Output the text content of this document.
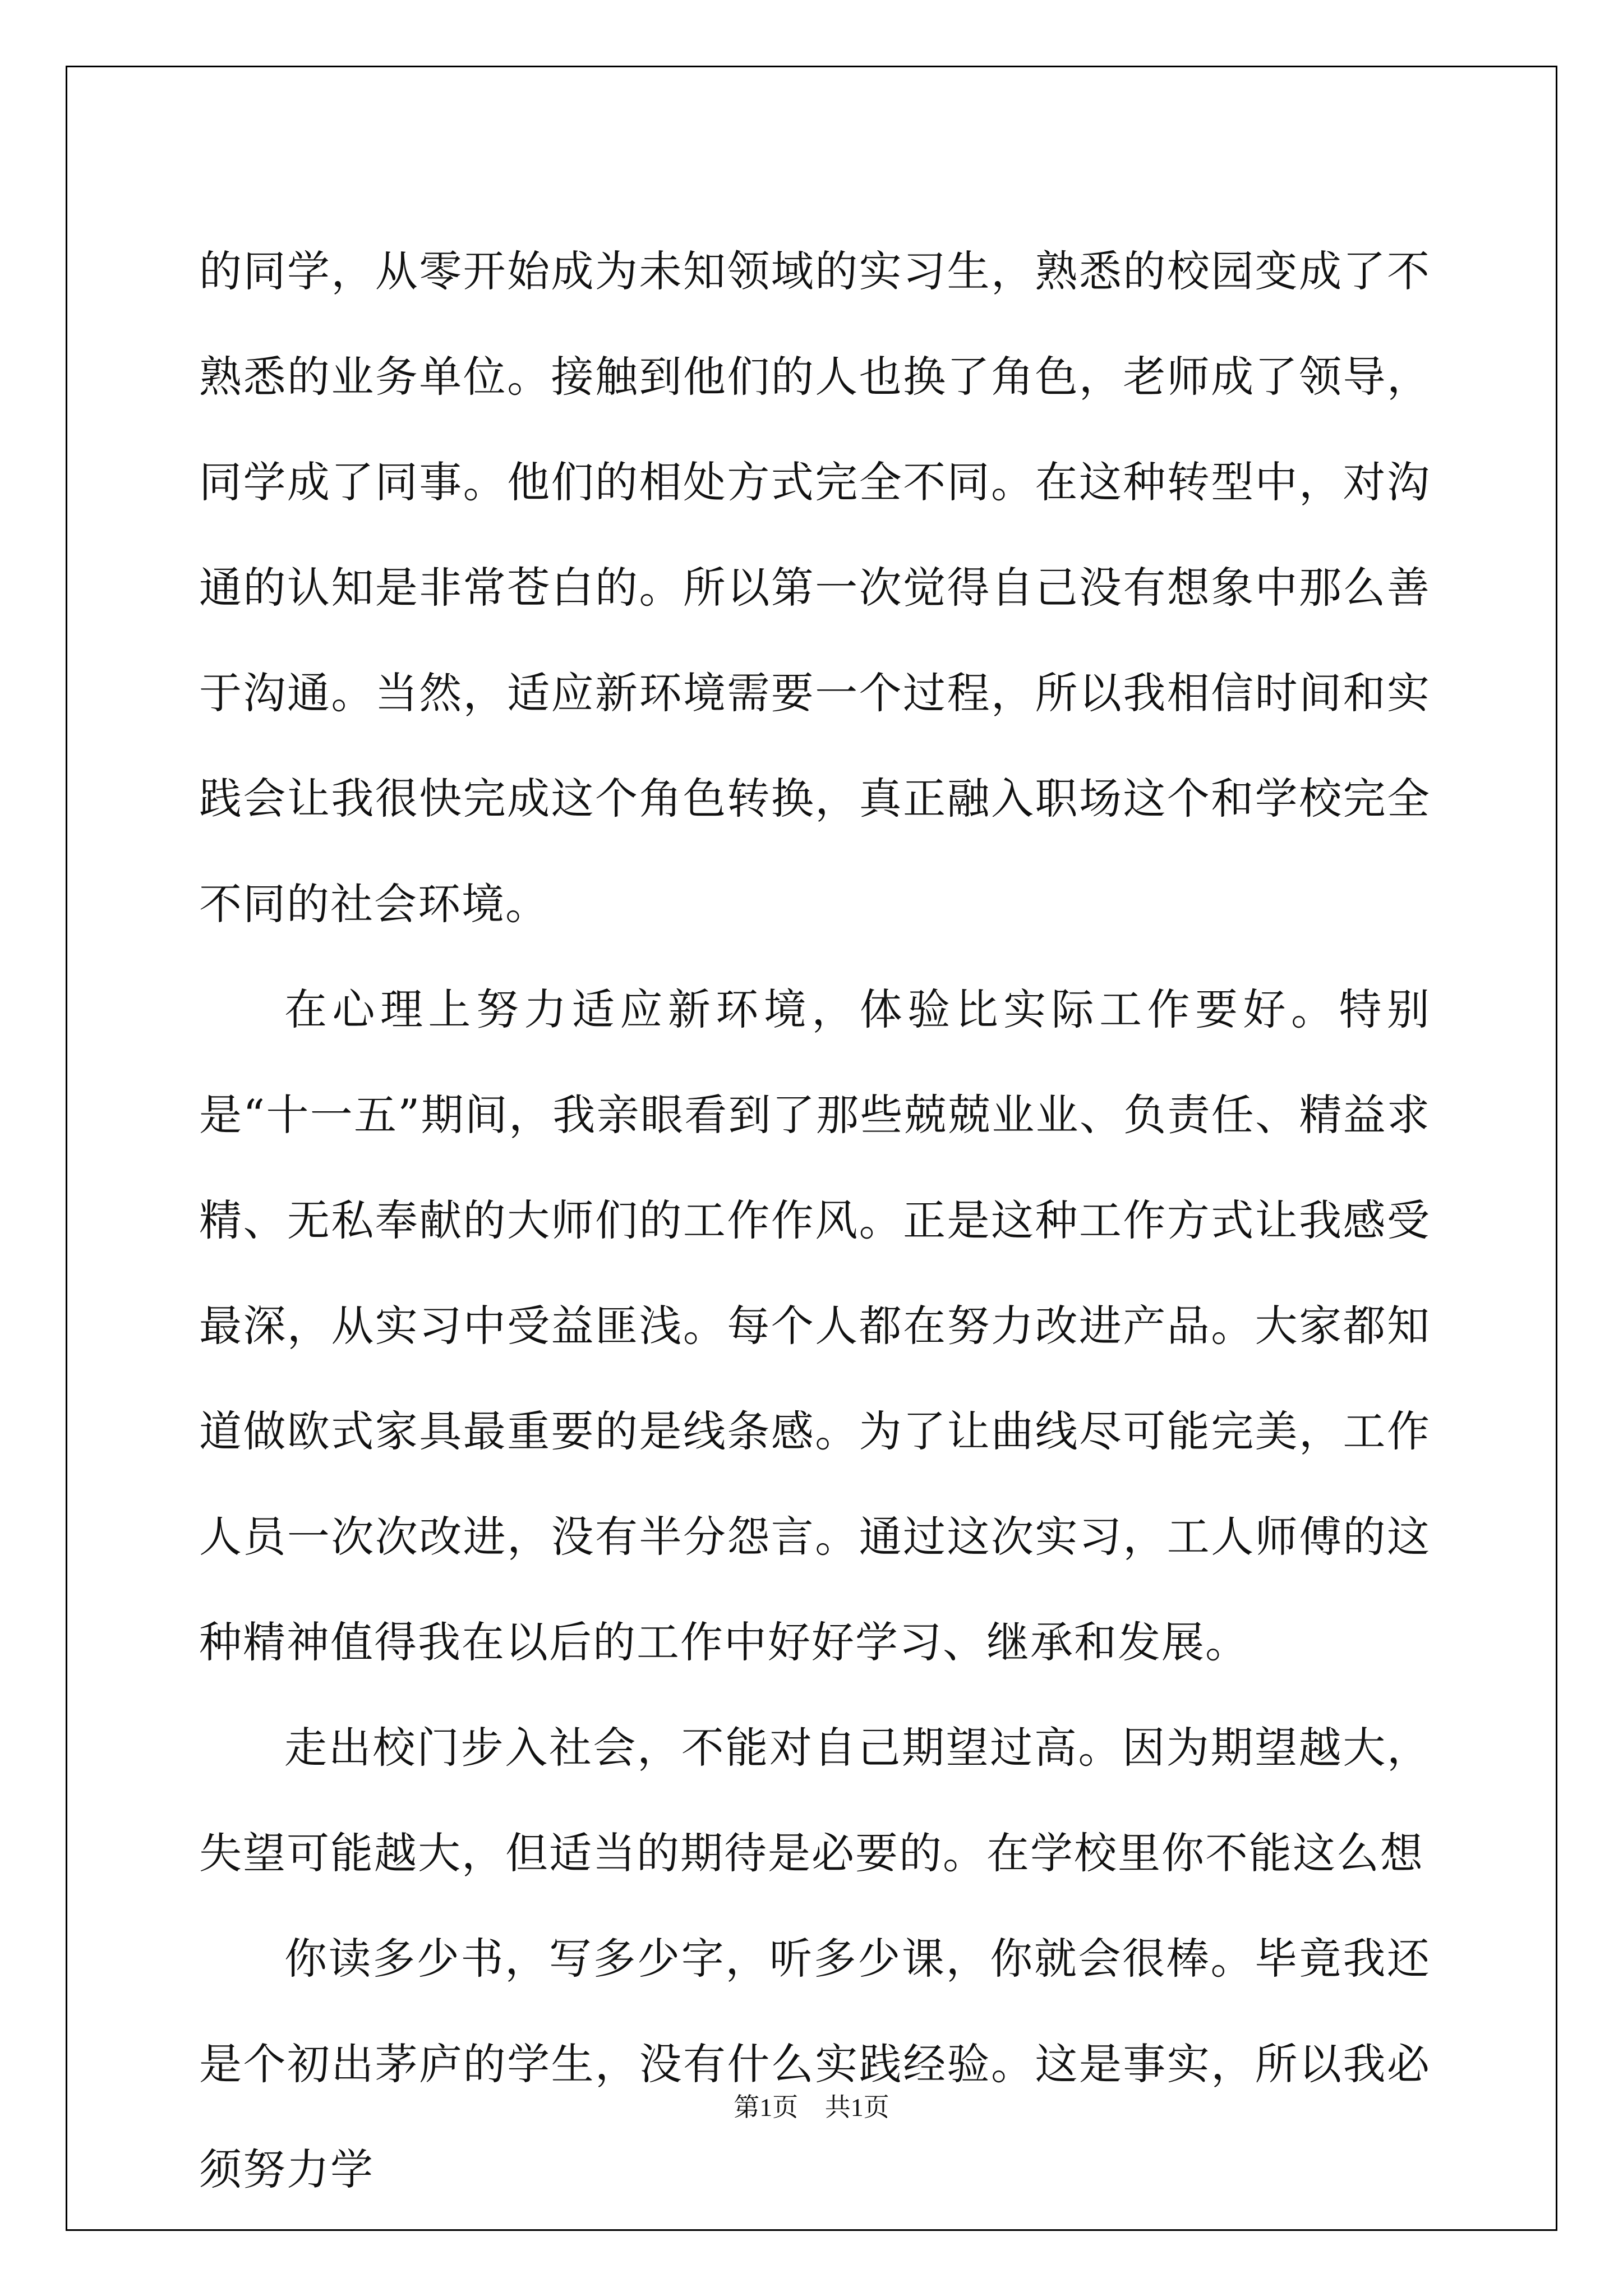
的同学，从零开始成为未知领域的实习生，熟悉的校园变成了不熟悉的业务单位。接触到他们的人也换了角色，老师成了领导，同学成了同事。他们的相处方式完全不同。在这种转型中，对沟通的认知是非常苍白的。所以第一次觉得自己没有想象中那么善于沟通。当然，适应新环境需要一个过程，所以我相信时间和实践会让我很快完成这个角色转换，真正融入职场这个和学校完全不同的社会环境。

在心理上努力适应新环境，体验比实际工作要好。特别是“十一五”期间，我亲眼看到了那些兢兢业业、负责任、精益求精、无私奉献的大师们的工作作风。正是这种工作方式让我感受最深，从实习中受益匪浅。每个人都在努力改进产品。大家都知道做欧式家具最重要的是线条感。为了让曲线尽可能完美，工作人员一次次改进，没有半分怨言。通过这次实习，工人师傅的这种精神值得我在以后的工作中好好学习、继承和发展。

走出校门步入社会，不能对自己期望过高。因为期望越大，失望可能越大，但适当的期待是必要的。在学校里你不能这么想

你读多少书，写多少字，听多少课，你就会很棒。毕竟我还是个初出茅庐的学生，没有什么实践经验。这是事实，所以我必须努力学

第1页 共1页
